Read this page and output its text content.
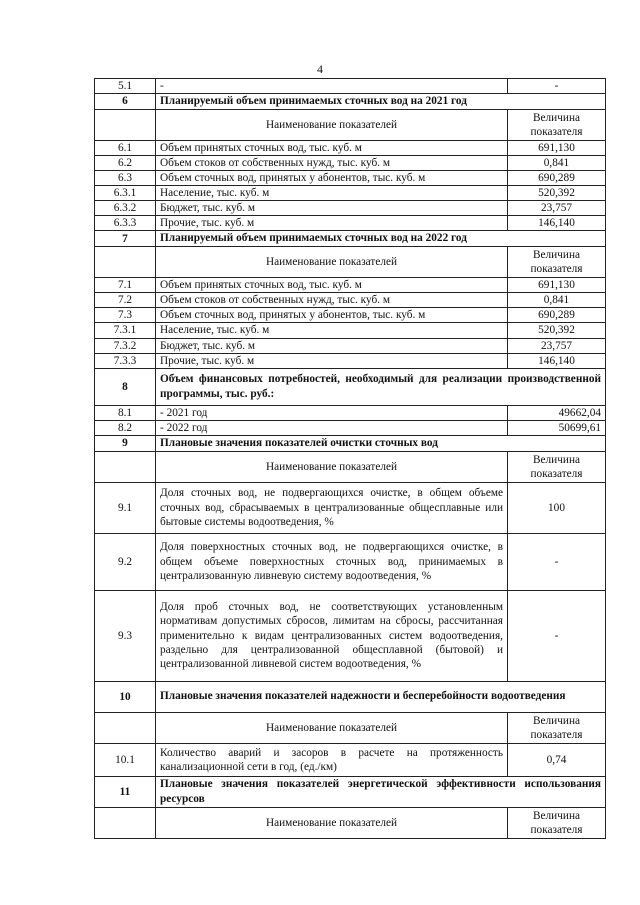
4
5.1	-	-
6	Планируемый объем принимаемых сточных вод на 2021 год	
	Наименование показателей	Величина показателя
6.1	Объем принятых сточных вод, тыс. куб. м	691,130
6.2	Объем стоков от собственных нужд, тыс. куб. м	0,841
6.3	Объем сточных вод, принятых у абонентов, тыс. куб. м	690,289
6.3.1	Население, тыс. куб. м	520,392
6.3.2	Бюджет, тыс. куб. м	23,757
6.3.3	Прочие, тыс. куб. м	146,140
7	Планируемый объем принимаемых сточных вод на 2022 год	
	Наименование показателей	Величина показателя
7.1	Объем принятых сточных вод, тыс. куб. м	691,130
7.2	Объем стоков от собственных нужд, тыс. куб. м	0,841
7.3	Объем сточных вод, принятых у абонентов, тыс. куб. м	690,289
7.3.1	Население, тыс. куб. м	520,392
7.3.2	Бюджет, тыс. куб. м	23,757
7.3.3	Прочие, тыс. куб. м	146,140
8	Объем финансовых потребностей, необходимый для реализации производственной программы, тыс. руб.:	
8.1	- 2021 год	49662,04
8.2	- 2022 год	50699,61
9	Плановые значения показателей очистки сточных вод	
	Наименование показателей	Величина показателя
9.1	Доля сточных вод, не подвергающихся очистке, в общем объеме сточных вод, сбрасываемых в централизованные общесплавные или бытовые системы водоотведения, %	100
9.2	Доля поверхностных сточных вод, не подвергающихся очистке, в общем объеме поверхностных сточных вод, принимаемых в централизованную ливневую систему водоотведения, %	-
9.3	Доля проб сточных вод, не соответствующих установленным нормативам допустимых сбросов, лимитам на сбросы, рассчитанная применительно к видам централизованных систем водоотведения, раздельно для централизованной общесплавной (бытовой) и централизованной ливневой систем водоотведения, %	-
10	Плановые значения показателей надежности и бесперебойности водоотведения	
	Наименование показателей	Величина показателя
10.1	Количество аварий и засоров в расчете на протяженность канализационной сети в год, (ед./км)	0,74
11	Плановые значения показателей энергетической эффективности использования ресурсов	
	Наименование показателей	Величина показателя
